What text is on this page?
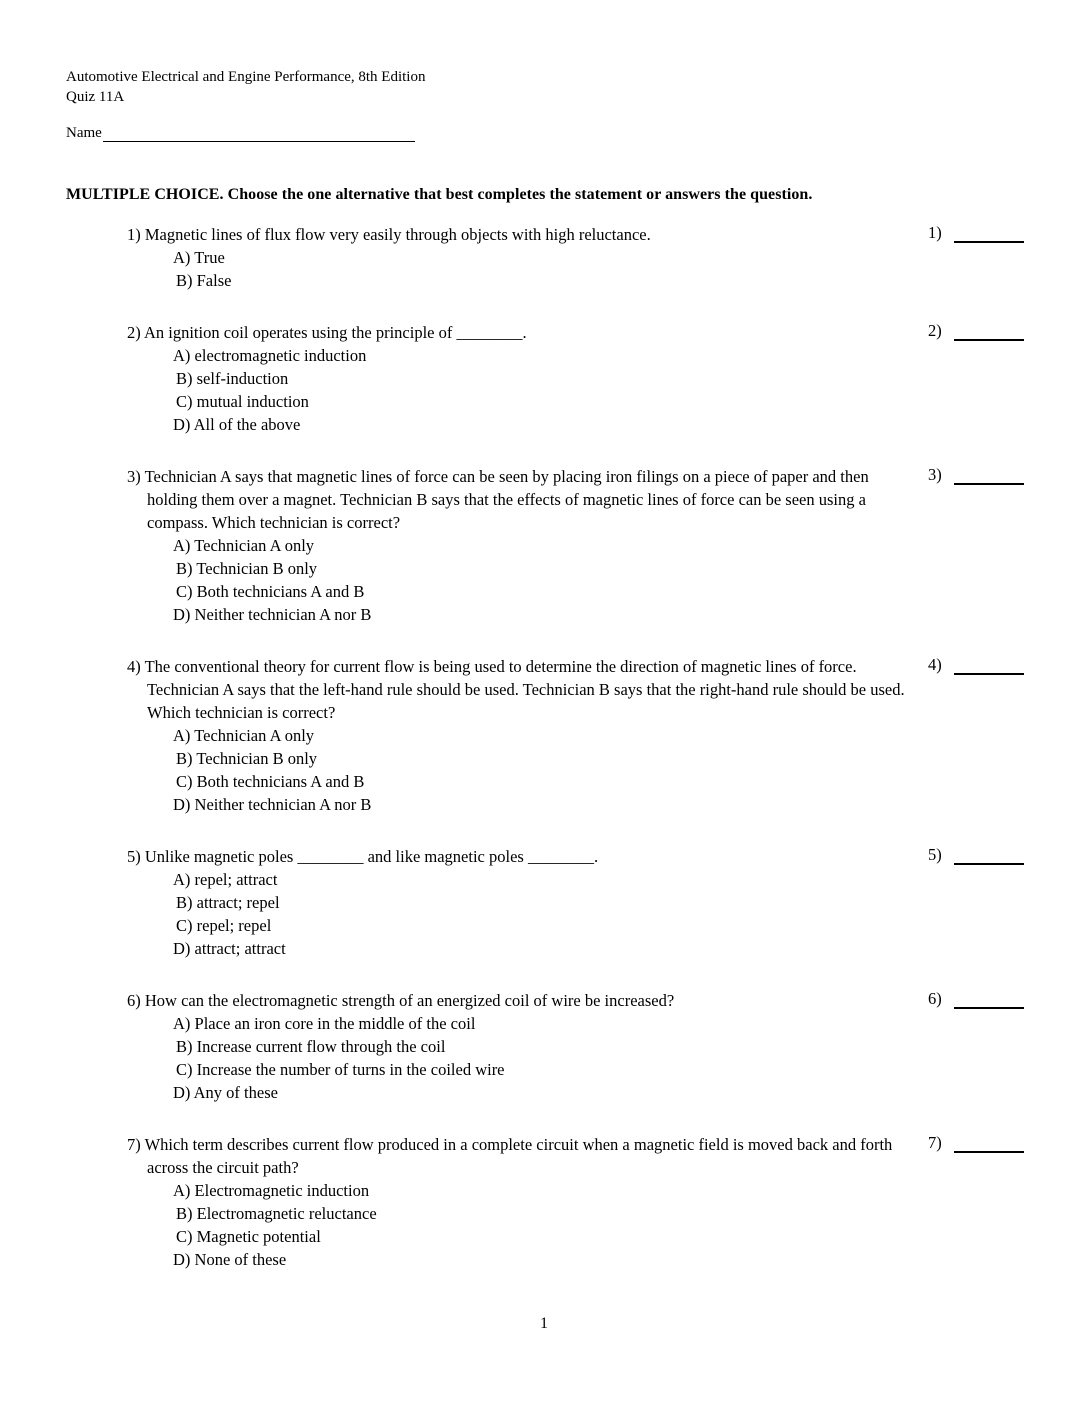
Automotive Electrical and Engine Performance, 8th Edition
Quiz 11A
Name
MULTIPLE CHOICE. Choose the one alternative that best completes the statement or answers the question.
1) Magnetic lines of flux flow very easily through objects with high reluctance.
A) True
B) False
1)
2) An ignition coil operates using the principle of ________.
A) electromagnetic induction
B) self-induction
C) mutual induction
D) All of the above
2)
3) Technician A says that magnetic lines of force can be seen by placing iron filings on a piece of paper and then holding them over a magnet. Technician B says that the effects of magnetic lines of force can be seen using a compass. Which technician is correct?
A) Technician A only
B) Technician B only
C) Both technicians A and B
D) Neither technician A nor B
3)
4) The conventional theory for current flow is being used to determine the direction of magnetic lines of force. Technician A says that the left-hand rule should be used. Technician B says that the right-hand rule should be used. Which technician is correct?
A) Technician A only
B) Technician B only
C) Both technicians A and B
D) Neither technician A nor B
4)
5) Unlike magnetic poles ________ and like magnetic poles ________.
A) repel; attract
B) attract; repel
C) repel; repel
D) attract; attract
5)
6) How can the electromagnetic strength of an energized coil of wire be increased?
A) Place an iron core in the middle of the coil
B) Increase current flow through the coil
C) Increase the number of turns in the coiled wire
D) Any of these
6)
7) Which term describes current flow produced in a complete circuit when a magnetic field is moved back and forth across the circuit path?
A) Electromagnetic induction
B) Electromagnetic reluctance
C) Magnetic potential
D) None of these
7)
1
